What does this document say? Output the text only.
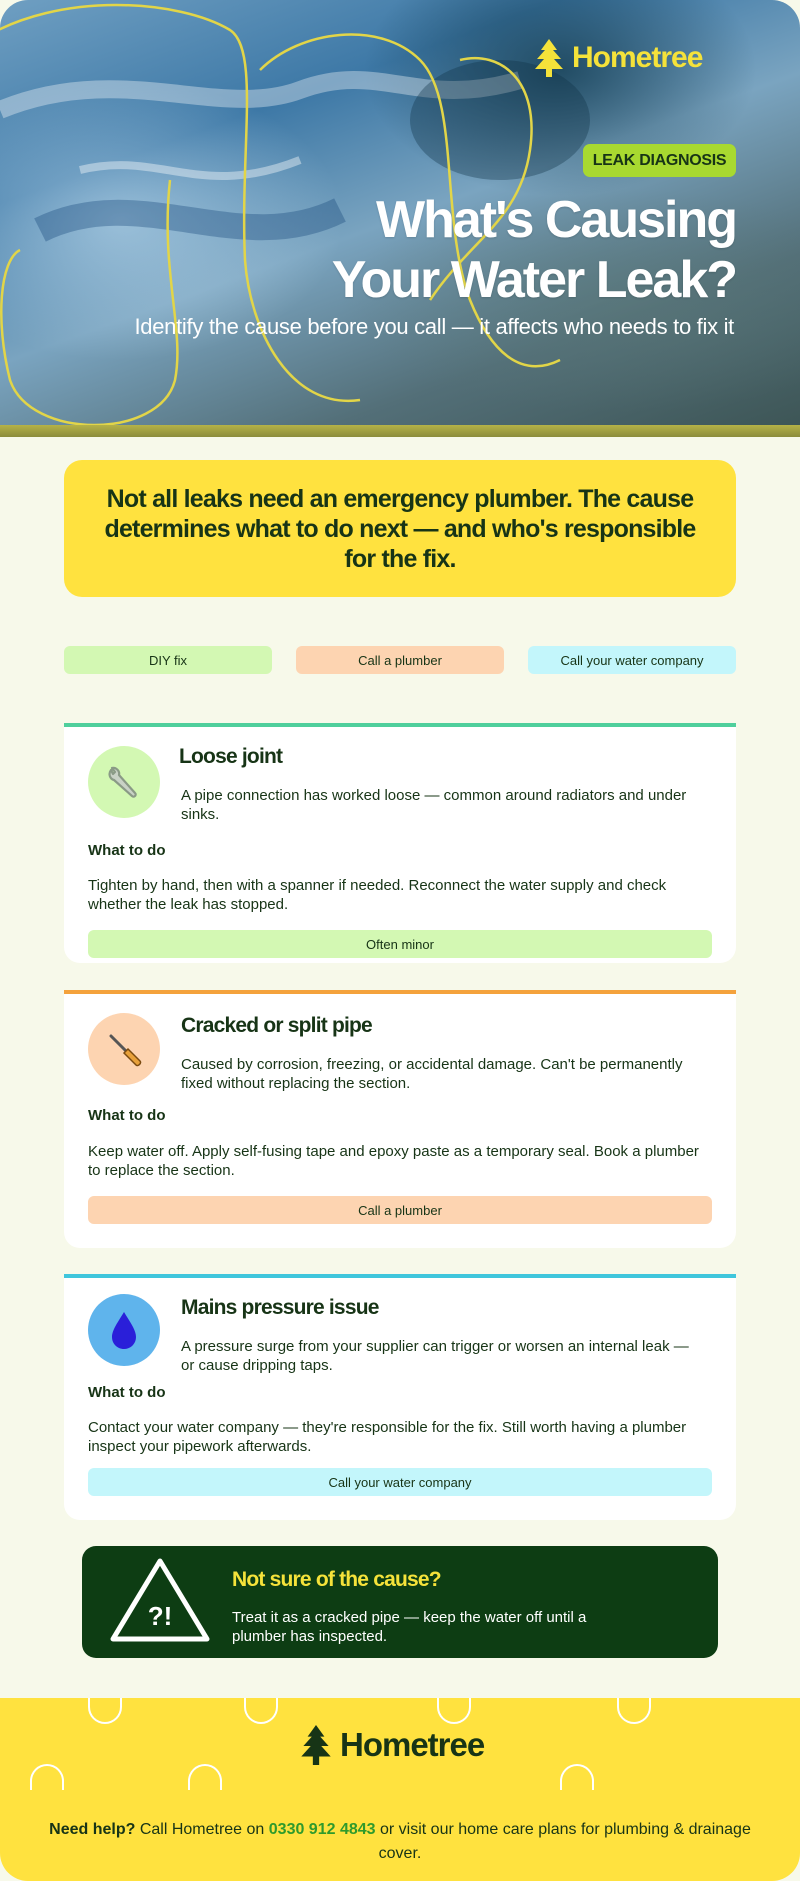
Hometree
LEAK DIAGNOSIS
What's Causing
Your Water Leak?
Identify the cause before you call — it affects who needs to fix it
Not all leaks need an emergency plumber. The cause determines what to do next — and who's responsible for the fix.
DIY fix	Call a plumber	Call your water company
Loose joint
A pipe connection has worked loose — common around radiators and under sinks.
What to do
Tighten by hand, then with a spanner if needed. Reconnect the water supply and check whether the leak has stopped.
Often minor
Cracked or split pipe
Caused by corrosion, freezing, or accidental damage. Can't be permanently fixed without replacing the section.
What to do
Keep water off. Apply self-fusing tape and epoxy paste as a temporary seal. Book a plumber to replace the section.
Call a plumber
Mains pressure issue
A pressure surge from your supplier can trigger or worsen an internal leak — or cause dripping taps.
What to do
Contact your water company — they're responsible for the fix. Still worth having a plumber inspect your pipework afterwards.
Call your water company
?!
Not sure of the cause?

Treat it as a cracked pipe — keep the water off until a plumber has inspected.

Hometree
Need help? Call Hometree on 0330 912 4843 or visit our home care plans for plumbing & drainage cover.
